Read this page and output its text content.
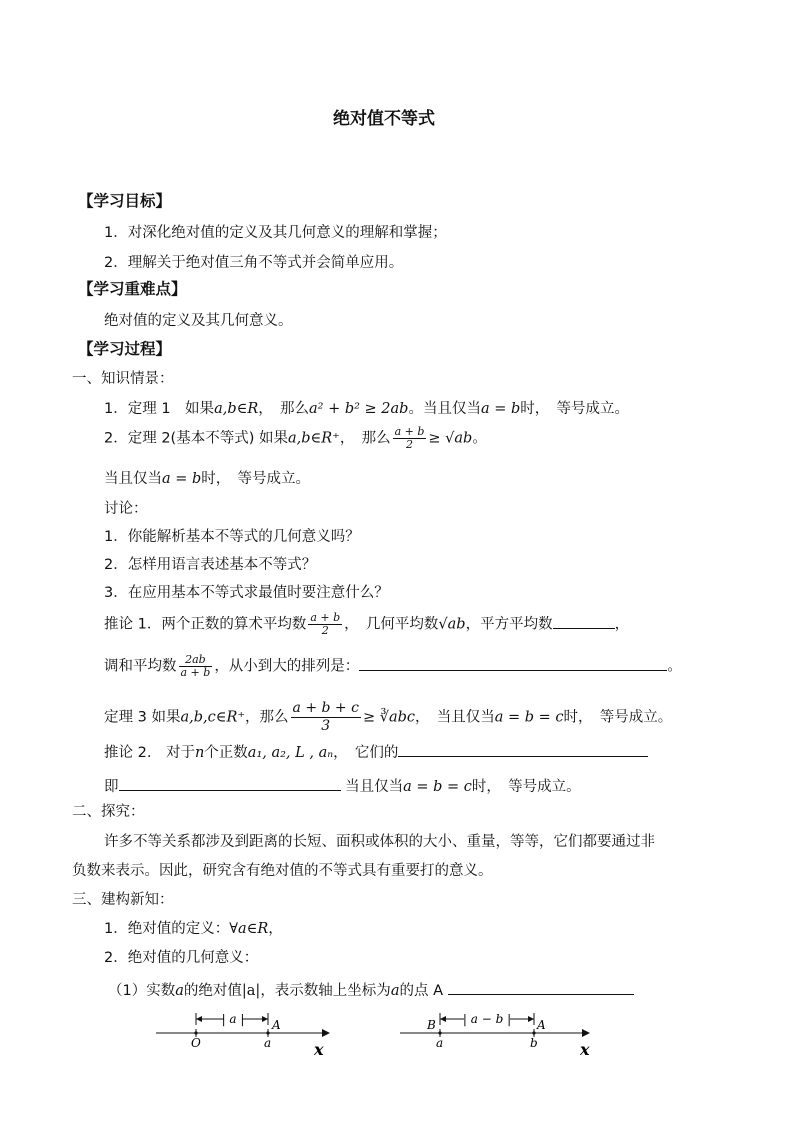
绝对值不等式
【学习目标】
1．对深化绝对值的定义及其几何意义的理解和掌握；
2．理解关于绝对值三角不等式并会简单应用。
【学习重难点】
绝对值的定义及其几何意义。
【学习过程】
一、知识情景：
1．定理 1　如果a,b∈R，　那么a² + b² ≥ 2ab。当且仅当a = b时，　等号成立。
2．定理 2(基本不等式) 如果a,b∈R⁺，　那么 $\frac{a + b}{2} \ge √ab$。
当且仅当a = b时，　等号成立。
讨论：
1．你能解析基本不等式的几何意义吗？
2．怎样用语言表述基本不等式？
3．在应用基本不等式求最值时要注意什么？
推论 1．两个正数的算术平均数 $\frac{a + b}{2}$ ，　几何平均数√ab，平方平均数	，
调和平均数 $\frac{2ab}{a + b}$ ，从小到大的排列是：	。
定理 3 如果a,b,c∈R⁺，那么 $\frac{a + b + c}{3}$ ≥ ∛abc，　当且仅当a = b = c时，　等号成立。
推论 2.　对于n个正数a₁, a₂, L , aₙ，　它们的
即	当且仅当a = b = c时，　等号成立。
二、探究：
许多不等关系都涉及到距离的长短、面积或体积的大小、重量，等等，它们都要通过非
负数来表示。因此，研究含有绝对值的不等式具有重要打的意义。
三、建构新知：
1．绝对值的定义：∀a∈R，
2．绝对值的几何意义：
（1）实数a的绝对值|a|，表示数轴上坐标为a的点 A
| a | A
O	a	x
| a − b |
B	A
a	b	x
